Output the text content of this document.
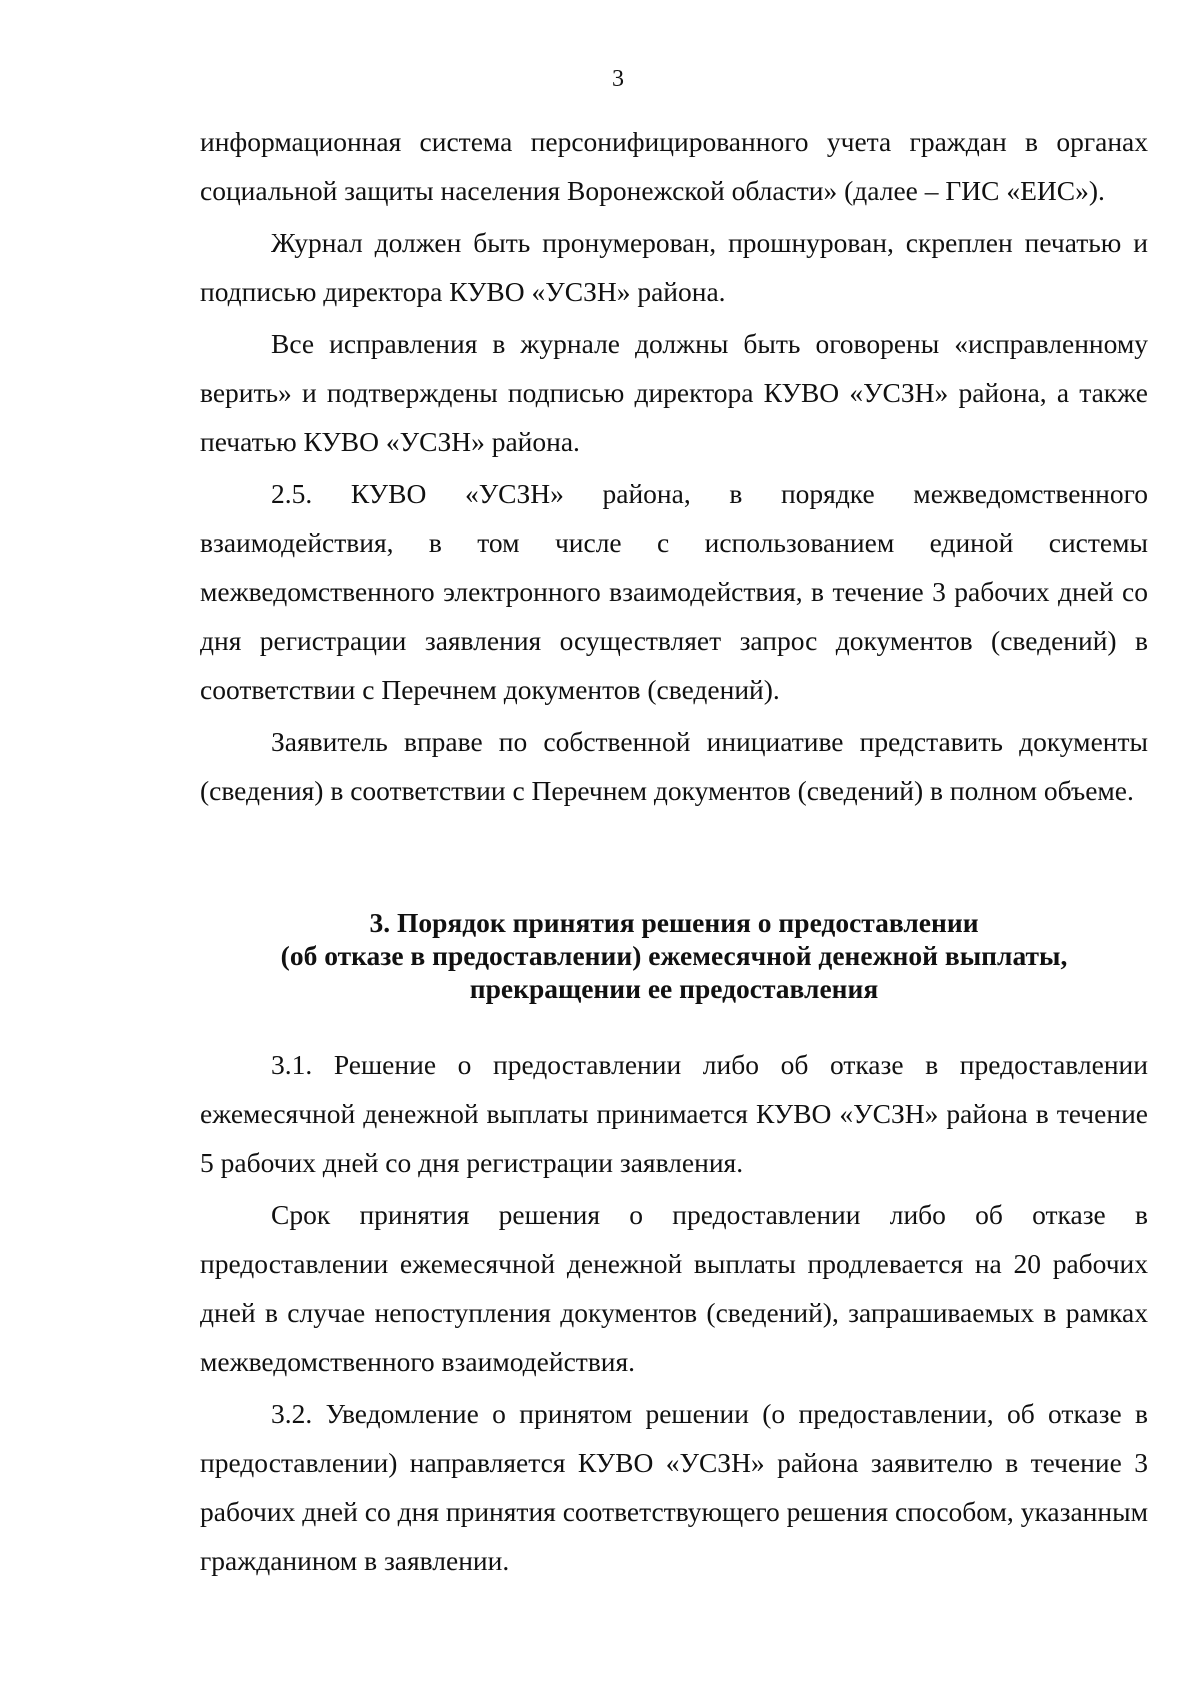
3

информационная система персонифицированного учета граждан в органах социальной защиты населения Воронежской области» (далее – ГИС «ЕИС»).

Журнал должен быть пронумерован, прошнурован, скреплен печатью и подписью директора КУВО «УСЗН» района.

Все исправления в журнале должны быть оговорены «исправленному верить» и подтверждены подписью директора КУВО «УСЗН» района, а также печатью КУВО «УСЗН» района.

2.5. КУВО «УСЗН» района, в порядке межведомственного взаимодействия, в том числе с использованием единой системы межведомственного электронного взаимодействия, в течение 3 рабочих дней со дня регистрации заявления осуществляет запрос документов (сведений) в соответствии с Перечнем документов (сведений).

Заявитель вправе по собственной инициативе представить документы (сведения) в соответствии с Перечнем документов (сведений) в полном объеме.

3. Порядок принятия решения о предоставлении
(об отказе в предоставлении) ежемесячной денежной выплаты,
прекращении ее предоставления

3.1. Решение о предоставлении либо об отказе в предоставлении ежемесячной денежной выплаты принимается КУВО «УСЗН» района в течение 5 рабочих дней со дня регистрации заявления.

Срок принятия решения о предоставлении либо об отказе в предоставлении ежемесячной денежной выплаты продлевается на 20 рабочих дней в случае непоступления документов (сведений), запрашиваемых в рамках межведомственного взаимодействия.

3.2. Уведомление о принятом решении (о предоставлении, об отказе в предоставлении) направляется КУВО «УСЗН» района заявителю в течение 3 рабочих дней со дня принятия соответствующего решения способом, указанным гражданином в заявлении.
